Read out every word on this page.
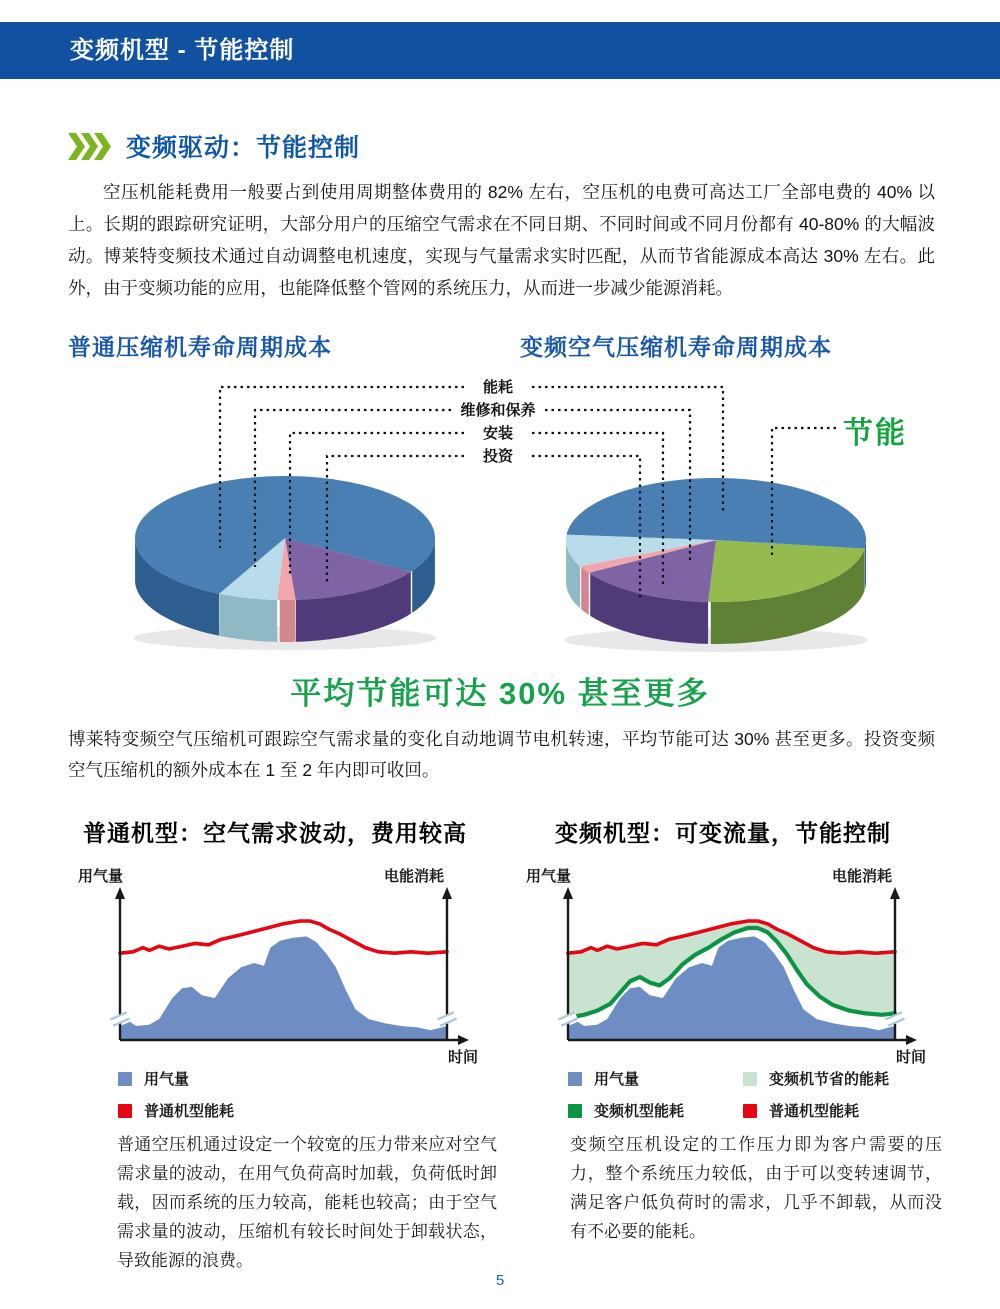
变频机型 - 节能控制
变频驱动：节能控制

空压机能耗费用一般要占到使用周期整体费用的 82% 左右，空压机的电费可高达工厂全部电费的 40% 以上。长期的跟踪研究证明，大部分用户的压缩空气需求在不同日期、不同时间或不同月份都有 40-80% 的大幅波动。博莱特变频技术通过自动调整电机速度，实现与气量需求实时匹配，从而节省能源成本高达 30% 左右。此外，由于变频功能的应用，也能降低整个管网的系统压力，从而进一步减少能源消耗。

普通压缩机寿命周期成本	变频空气压缩机寿命周期成本
能耗
维修和保养
安装
投资
节能
平均节能可达 30% 甚至更多

博莱特变频空气压缩机可跟踪空气需求量的变化自动地调节电机转速，平均节能可达 30% 甚至更多。投资变频空气压缩机的额外成本在 1 至 2 年内即可收回。

普通机型：空气需求波动，费用较高
用气量	电能消耗
时间
用气量
普通机型能耗

普通空压机通过设定一个较宽的压力带来应对空气需求量的波动，在用气负荷高时加载，负荷低时卸载，因而系统的压力较高，能耗也较高；由于空气需求量的波动，压缩机有较长时间处于卸载状态，导致能源的浪费。

变频机型：可变流量，节能控制
用气量	电能消耗
时间
用气量	变频机节省的能耗
变频机型能耗	普通机型能耗

变频空压机设定的工作压力即为客户需要的压力，整个系统压力较低，由于可以变转速调节，满足客户低负荷时的需求，几乎不卸载，从而没有不必要的能耗。

5
